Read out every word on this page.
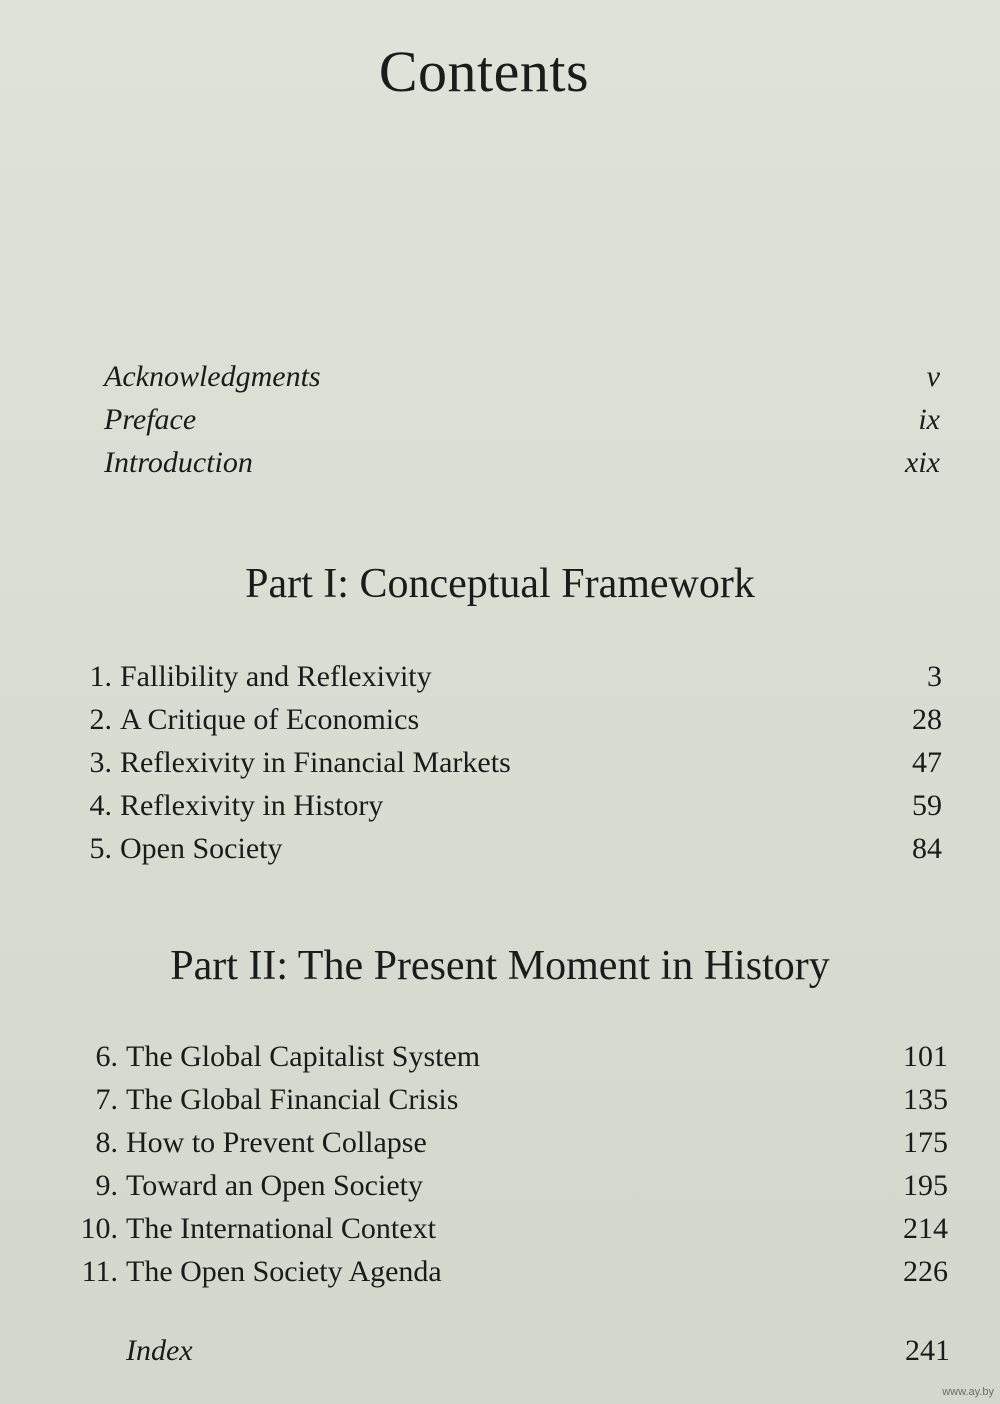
Contents
Acknowledgments	v
Preface	ix
Introduction	xix
Part I: Conceptual Framework
1. Fallibility and Reflexivity	3
2. A Critique of Economics	28
3. Reflexivity in Financial Markets	47
4. Reflexivity in History	59
5. Open Society	84
Part II: The Present Moment in History
6. The Global Capitalist System	101
7. The Global Financial Crisis	135
8. How to Prevent Collapse	175
9. Toward an Open Society	195
10. The International Context	214
11. The Open Society Agenda	226
Index	241
www.ay.by
